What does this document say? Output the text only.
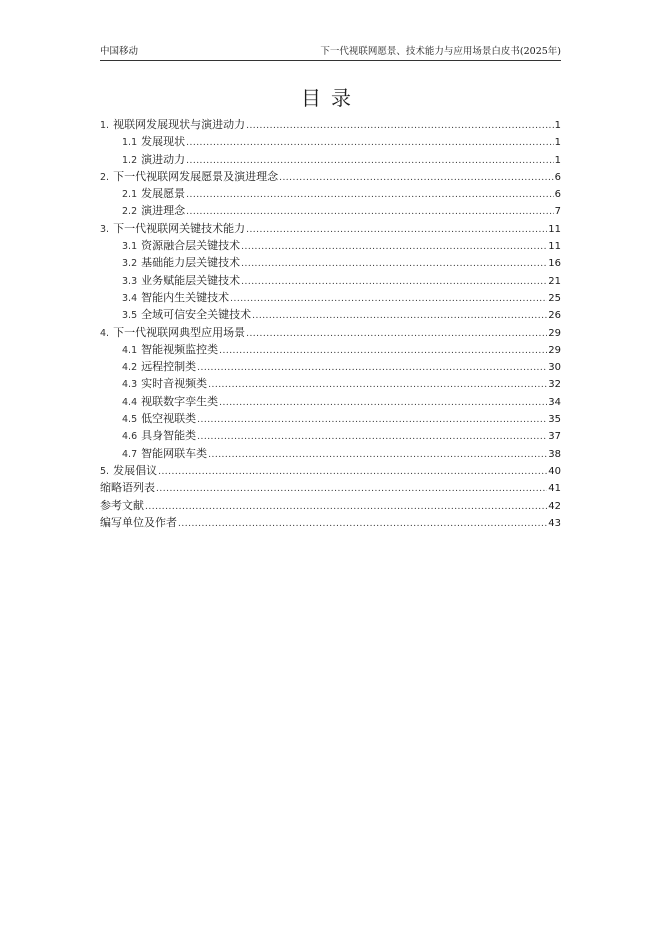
中国移动	下一代视联网愿景、技术能力与应用场景白皮书(2025年)
目录
1. 视联网发展现状与演进动力 .....	1
1.1 发展现状 .....	1
1.2 演进动力 .....	1
2. 下一代视联网发展愿景及演进理念 .....	6
2.1 发展愿景 .....	6
2.2 演进理念 .....	7
3. 下一代视联网关键技术能力 .....	11
3.1 资源融合层关键技术 .....	11
3.2 基础能力层关键技术 .....	16
3.3 业务赋能层关键技术 .....	21
3.4 智能内生关键技术 .....	25
3.5 全域可信安全关键技术 .....	26
4. 下一代视联网典型应用场景 .....	29
4.1 智能视频监控类 .....	29
4.2 远程控制类 .....	30
4.3 实时音视频类 .....	32
4.4 视联数字孪生类 .....	34
4.5 低空视联类 .....	35
4.6 具身智能类 .....	37
4.7 智能网联车类 .....	38
5. 发展倡议 .....	40
缩略语列表 .....	41
参考文献 .....	42
编写单位及作者 .....	43
